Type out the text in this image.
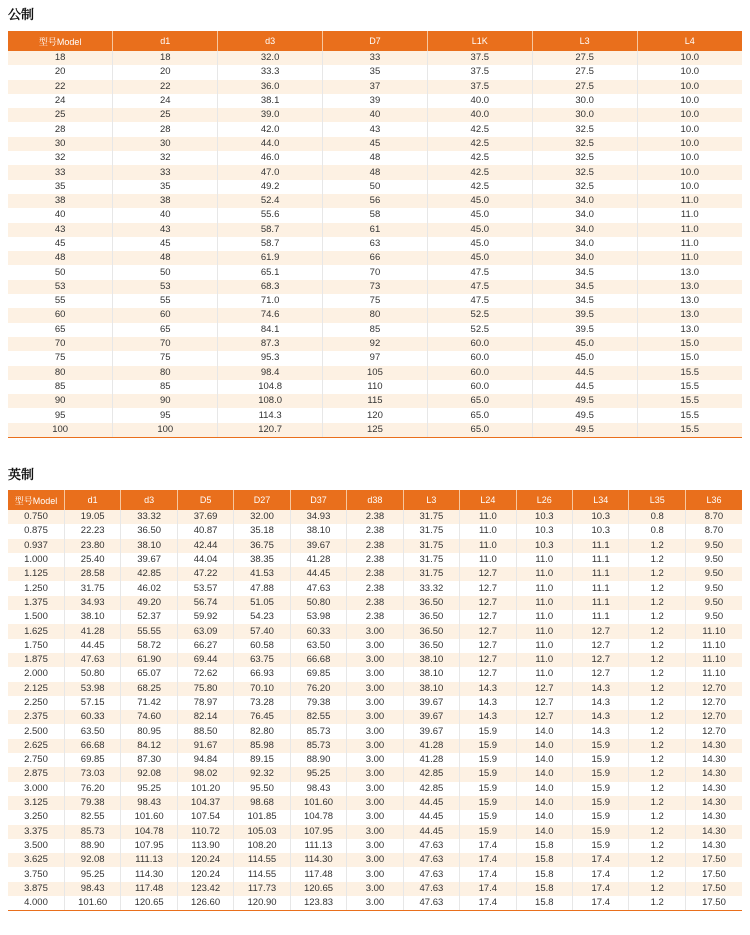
公制
型号Model	d1	d3	D7	L1K	L3	L4
18	18	32.0	33	37.5	27.5	10.0
20	20	33.3	35	37.5	27.5	10.0
22	22	36.0	37	37.5	27.5	10.0
24	24	38.1	39	40.0	30.0	10.0
25	25	39.0	40	40.0	30.0	10.0
28	28	42.0	43	42.5	32.5	10.0
30	30	44.0	45	42.5	32.5	10.0
32	32	46.0	48	42.5	32.5	10.0
33	33	47.0	48	42.5	32.5	10.0
35	35	49.2	50	42.5	32.5	10.0
38	38	52.4	56	45.0	34.0	11.0
40	40	55.6	58	45.0	34.0	11.0
43	43	58.7	61	45.0	34.0	11.0
45	45	58.7	63	45.0	34.0	11.0
48	48	61.9	66	45.0	34.0	11.0
50	50	65.1	70	47.5	34.5	13.0
53	53	68.3	73	47.5	34.5	13.0
55	55	71.0	75	47.5	34.5	13.0
60	60	74.6	80	52.5	39.5	13.0
65	65	84.1	85	52.5	39.5	13.0
70	70	87.3	92	60.0	45.0	15.0
75	75	95.3	97	60.0	45.0	15.0
80	80	98.4	105	60.0	44.5	15.5
85	85	104.8	110	60.0	44.5	15.5
90	90	108.0	115	65.0	49.5	15.5
95	95	114.3	120	65.0	49.5	15.5
100	100	120.7	125	65.0	49.5	15.5
英制
型号Model	d1	d3	D5	D27	D37	d38	L3	L24	L26	L34	L35	L36
0.750	19.05	33.32	37.69	32.00	34.93	2.38	31.75	11.0	10.3	10.3	0.8	8.70
0.875	22.23	36.50	40.87	35.18	38.10	2.38	31.75	11.0	10.3	10.3	0.8	8.70
0.937	23.80	38.10	42.44	36.75	39.67	2.38	31.75	11.0	10.3	11.1	1.2	9.50
1.000	25.40	39.67	44.04	38.35	41.28	2.38	31.75	11.0	11.0	11.1	1.2	9.50
1.125	28.58	42.85	47.22	41.53	44.45	2.38	31.75	12.7	11.0	11.1	1.2	9.50
1.250	31.75	46.02	53.57	47.88	47.63	2.38	33.32	12.7	11.0	11.1	1.2	9.50
1.375	34.93	49.20	56.74	51.05	50.80	2.38	36.50	12.7	11.0	11.1	1.2	9.50
1.500	38.10	52.37	59.92	54.23	53.98	2.38	36.50	12.7	11.0	11.1	1.2	9.50
1.625	41.28	55.55	63.09	57.40	60.33	3.00	36.50	12.7	11.0	12.7	1.2	11.10
1.750	44.45	58.72	66.27	60.58	63.50	3.00	36.50	12.7	11.0	12.7	1.2	11.10
1.875	47.63	61.90	69.44	63.75	66.68	3.00	38.10	12.7	11.0	12.7	1.2	11.10
2.000	50.80	65.07	72.62	66.93	69.85	3.00	38.10	12.7	11.0	12.7	1.2	11.10
2.125	53.98	68.25	75.80	70.10	76.20	3.00	38.10	14.3	12.7	14.3	1.2	12.70
2.250	57.15	71.42	78.97	73.28	79.38	3.00	39.67	14.3	12.7	14.3	1.2	12.70
2.375	60.33	74.60	82.14	76.45	82.55	3.00	39.67	14.3	12.7	14.3	1.2	12.70
2.500	63.50	80.95	88.50	82.80	85.73	3.00	39.67	15.9	14.0	14.3	1.2	12.70
2.625	66.68	84.12	91.67	85.98	85.73	3.00	41.28	15.9	14.0	15.9	1.2	14.30
2.750	69.85	87.30	94.84	89.15	88.90	3.00	41.28	15.9	14.0	15.9	1.2	14.30
2.875	73.03	92.08	98.02	92.32	95.25	3.00	42.85	15.9	14.0	15.9	1.2	14.30
3.000	76.20	95.25	101.20	95.50	98.43	3.00	42.85	15.9	14.0	15.9	1.2	14.30
3.125	79.38	98.43	104.37	98.68	101.60	3.00	44.45	15.9	14.0	15.9	1.2	14.30
3.250	82.55	101.60	107.54	101.85	104.78	3.00	44.45	15.9	14.0	15.9	1.2	14.30
3.375	85.73	104.78	110.72	105.03	107.95	3.00	44.45	15.9	14.0	15.9	1.2	14.30
3.500	88.90	107.95	113.90	108.20	111.13	3.00	47.63	17.4	15.8	15.9	1.2	14.30
3.625	92.08	111.13	120.24	114.55	114.30	3.00	47.63	17.4	15.8	17.4	1.2	17.50
3.750	95.25	114.30	120.24	114.55	117.48	3.00	47.63	17.4	15.8	17.4	1.2	17.50
3.875	98.43	117.48	123.42	117.73	120.65	3.00	47.63	17.4	15.8	17.4	1.2	17.50
4.000	101.60	120.65	126.60	120.90	123.83	3.00	47.63	17.4	15.8	17.4	1.2	17.50
